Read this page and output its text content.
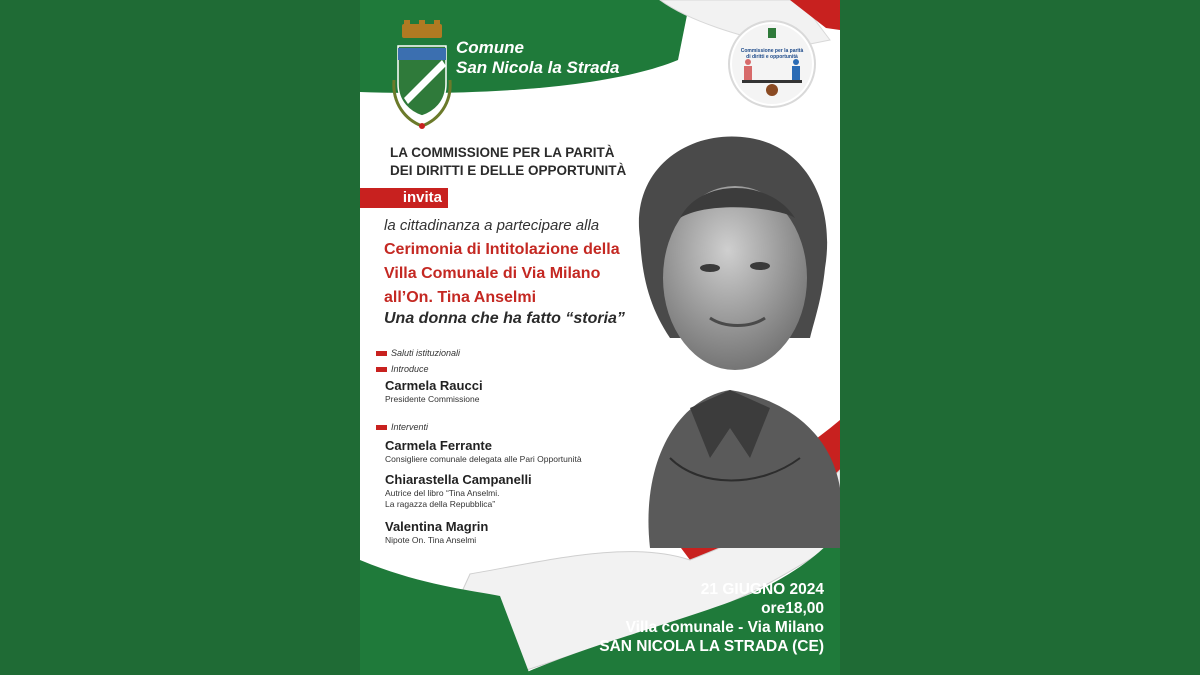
Comune
San Nicola la Strada
Commissione per la parità di diritti e opportunità
LA COMMISSIONE PER LA PARITÀ
DEI DIRITTI E DELLE OPPORTUNITÀ
invita
la cittadinanza a partecipare alla
Cerimonia di Intitolazione della
Villa Comunale di Via Milano
all’On. Tina Anselmi
Una donna che ha fatto “storia”
Saluti istituzionali
Introduce
Carmela Raucci
Presidente Commissione
Interventi
Carmela Ferrante
Consigliere comunale delegata alle Pari Opportunità
Chiarastella Campanelli
Autrice del libro “Tina Anselmi.
La ragazza della Repubblica”
Valentina Magrin
Nipote On. Tina Anselmi
21 GIUGNO 2024
ore18,00
Villa comunale - Via Milano
SAN NICOLA LA STRADA (CE)
